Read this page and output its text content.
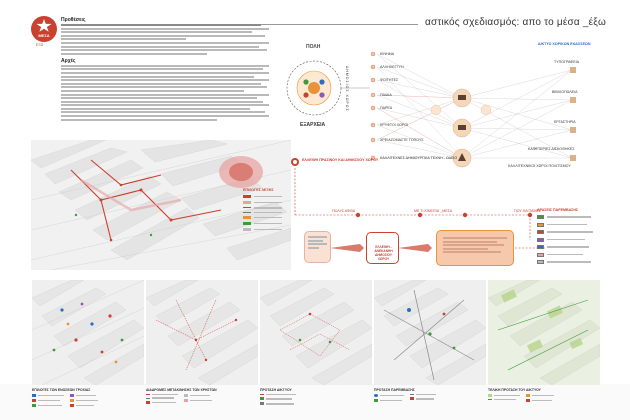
αστικός σχεδιασμός: απο το μέσα _έξω
ΜΕΣΑ
ΕΞΩ
Προθέσεις
Αρχές
ΠΟΛΗ
ΔΗΜΟΣΙΟΣ ΧΩΡΟΣ
ΕΞΑΡΧΕΙΑ
ΔΙΚΤΥΟ ΧΩΡΙΚΩΝ ΕΚΔΟΣΕΩΝ
ΚΙΝΗΜΑ
ΑΛΛΗΛΕΓΓΥΗ
ΦΟΙΤΗΤΕΣ
ΠΑΙΔΙΑ
ΠΑΡΕΑ
ΚΡΥΦΤΟΙ ΧΩΡΟΙ
ΧΡΕΙΑΖΟΜΑΣΤΕ ΤΟΠΟΥΣ
ΚΑΛΛΙΤΕΧΝΕΣ ΔΗΜΙΟΥΡΓΙΚΑ ΤΕΧΝΗ - ΩΔΕΙΟ
ΤΥΠΟΓΡΑΦΕΙΑ
ΒΙΒΛΙΟΠΩΛΕΙΑ
ΕΡΓΑΣΤΗΡΙΑ
ΚΑΦΕΤΕΡΙΕΣ ΔΙΣΚΟΘΗΚΕΣ
ΚΑΛΛΙΤΕΧΝΙΚΟΙ ΧΩΡΟΙ ΠΟΛΙΤΙΣΜΟΥ
ΕΠΙΛΟΓΕΣ ΛΕΞΗΣ
ΕΛΛΕΙΨΗ - ΑΝΕΚΑΝΗΗ ΔΗΜΟΣΙΟΥ ΧΩΡΟΥ
ΕΛΛΕΙΨΗ ΠΡΑΣΙΝΟΥ ΚΑΙ ΔΗΜΟΣΙΟΥ ΧΩΡΟΥ
ΠΟΛΥΣ ΑΦΘΑ	ΜΕ ΤΙ ΚΙΝΕΙΤΑΙ _ΜΕΣΑ	ΠΟΥ ΘΑ ΠΑΜΕΣ
ΔΡΑΣΕΙΣ ΠΑΡΕΜΒΑΣΗΣ
ΕΠΙΛΟΓΕΣ ΤΩΝ ΕΝΩΣΕΩΝ ΤΡΟΧΙΑΣ	ΔΙΑΔΡΟΜΕΣ ΜΕΤΑΚΙΝΗΣΗΣ ΤΩΝ ΧΡΗΣΤΩΝ	ΠΡΟΤΑΣΗ ΔΙΚΤΥΟΥ	ΠΡΟΤΑΣΗ ΠΑΡΕΜΒΑΣΗΣ	ΤΕΛΙΚΗ ΠΡΟΤΑΣΗ ΤΟΥ ΔΙΚΤΥΟΥ
